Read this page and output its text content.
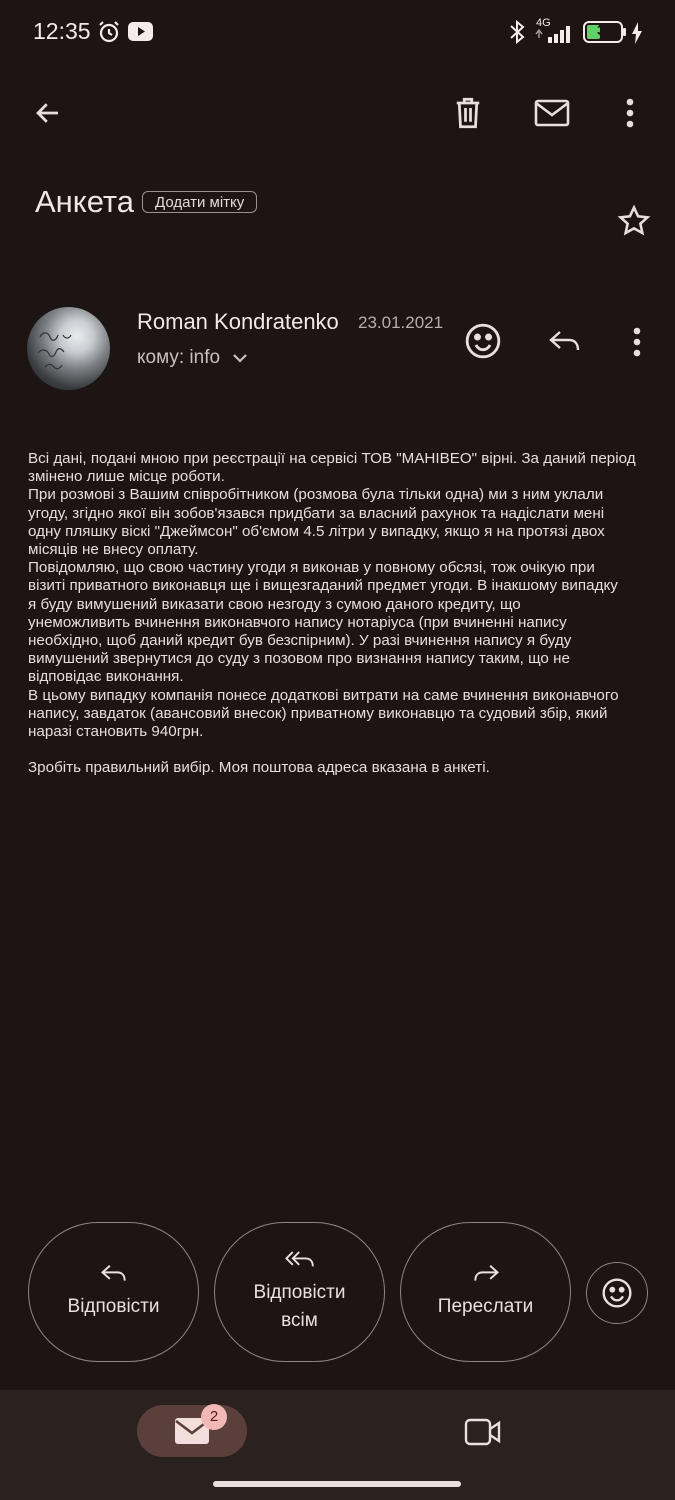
12:35	4G	38
Анкета	Додати мітку
Roman Kondratenko 23.01.2021
кому: info
Всі дані, подані мною при реєстрації на сервісі ТОВ "МАНІВЕО" вірні. За даний період
змінено лише місце роботи.
При розмові з Вашим співробітником (розмова була тільки одна) ми з ним уклали
угоду, згідно якої він зобов'язався придбати за власний рахунок та надіслати мені
одну пляшку віскі "Джеймсон" об'ємом 4.5 літри у випадку, якщо я на протязі двох
місяців не внесу оплату.
Повідомляю, що свою частину угоди я виконав у повному обсязі, тож очікую при
візиті приватного виконавця ще і вищезгаданий предмет угоди. В інакшому випадку
я буду вимушений виказати свою незгоду з сумою даного кредиту, що
унеможливить вчинення виконавчого напису нотаріуса (при вчиненні напису
необхідно, щоб даний кредит був безспірним). У разі вчинення напису я буду
вимушений звернутися до суду з позовом про визнання напису таким, що не
відповідає виконання.
В цьому випадку компанія понесе додаткові витрати на саме вчинення виконавчого
напису, завдаток (авансовий внесок) приватному виконавцю та судовий збір, який
наразі становить 940грн.

Зробіть правильний вибір. Моя поштова адреса вказана в анкеті.
Відповісти
Відповісти
всім
Переслати
2
